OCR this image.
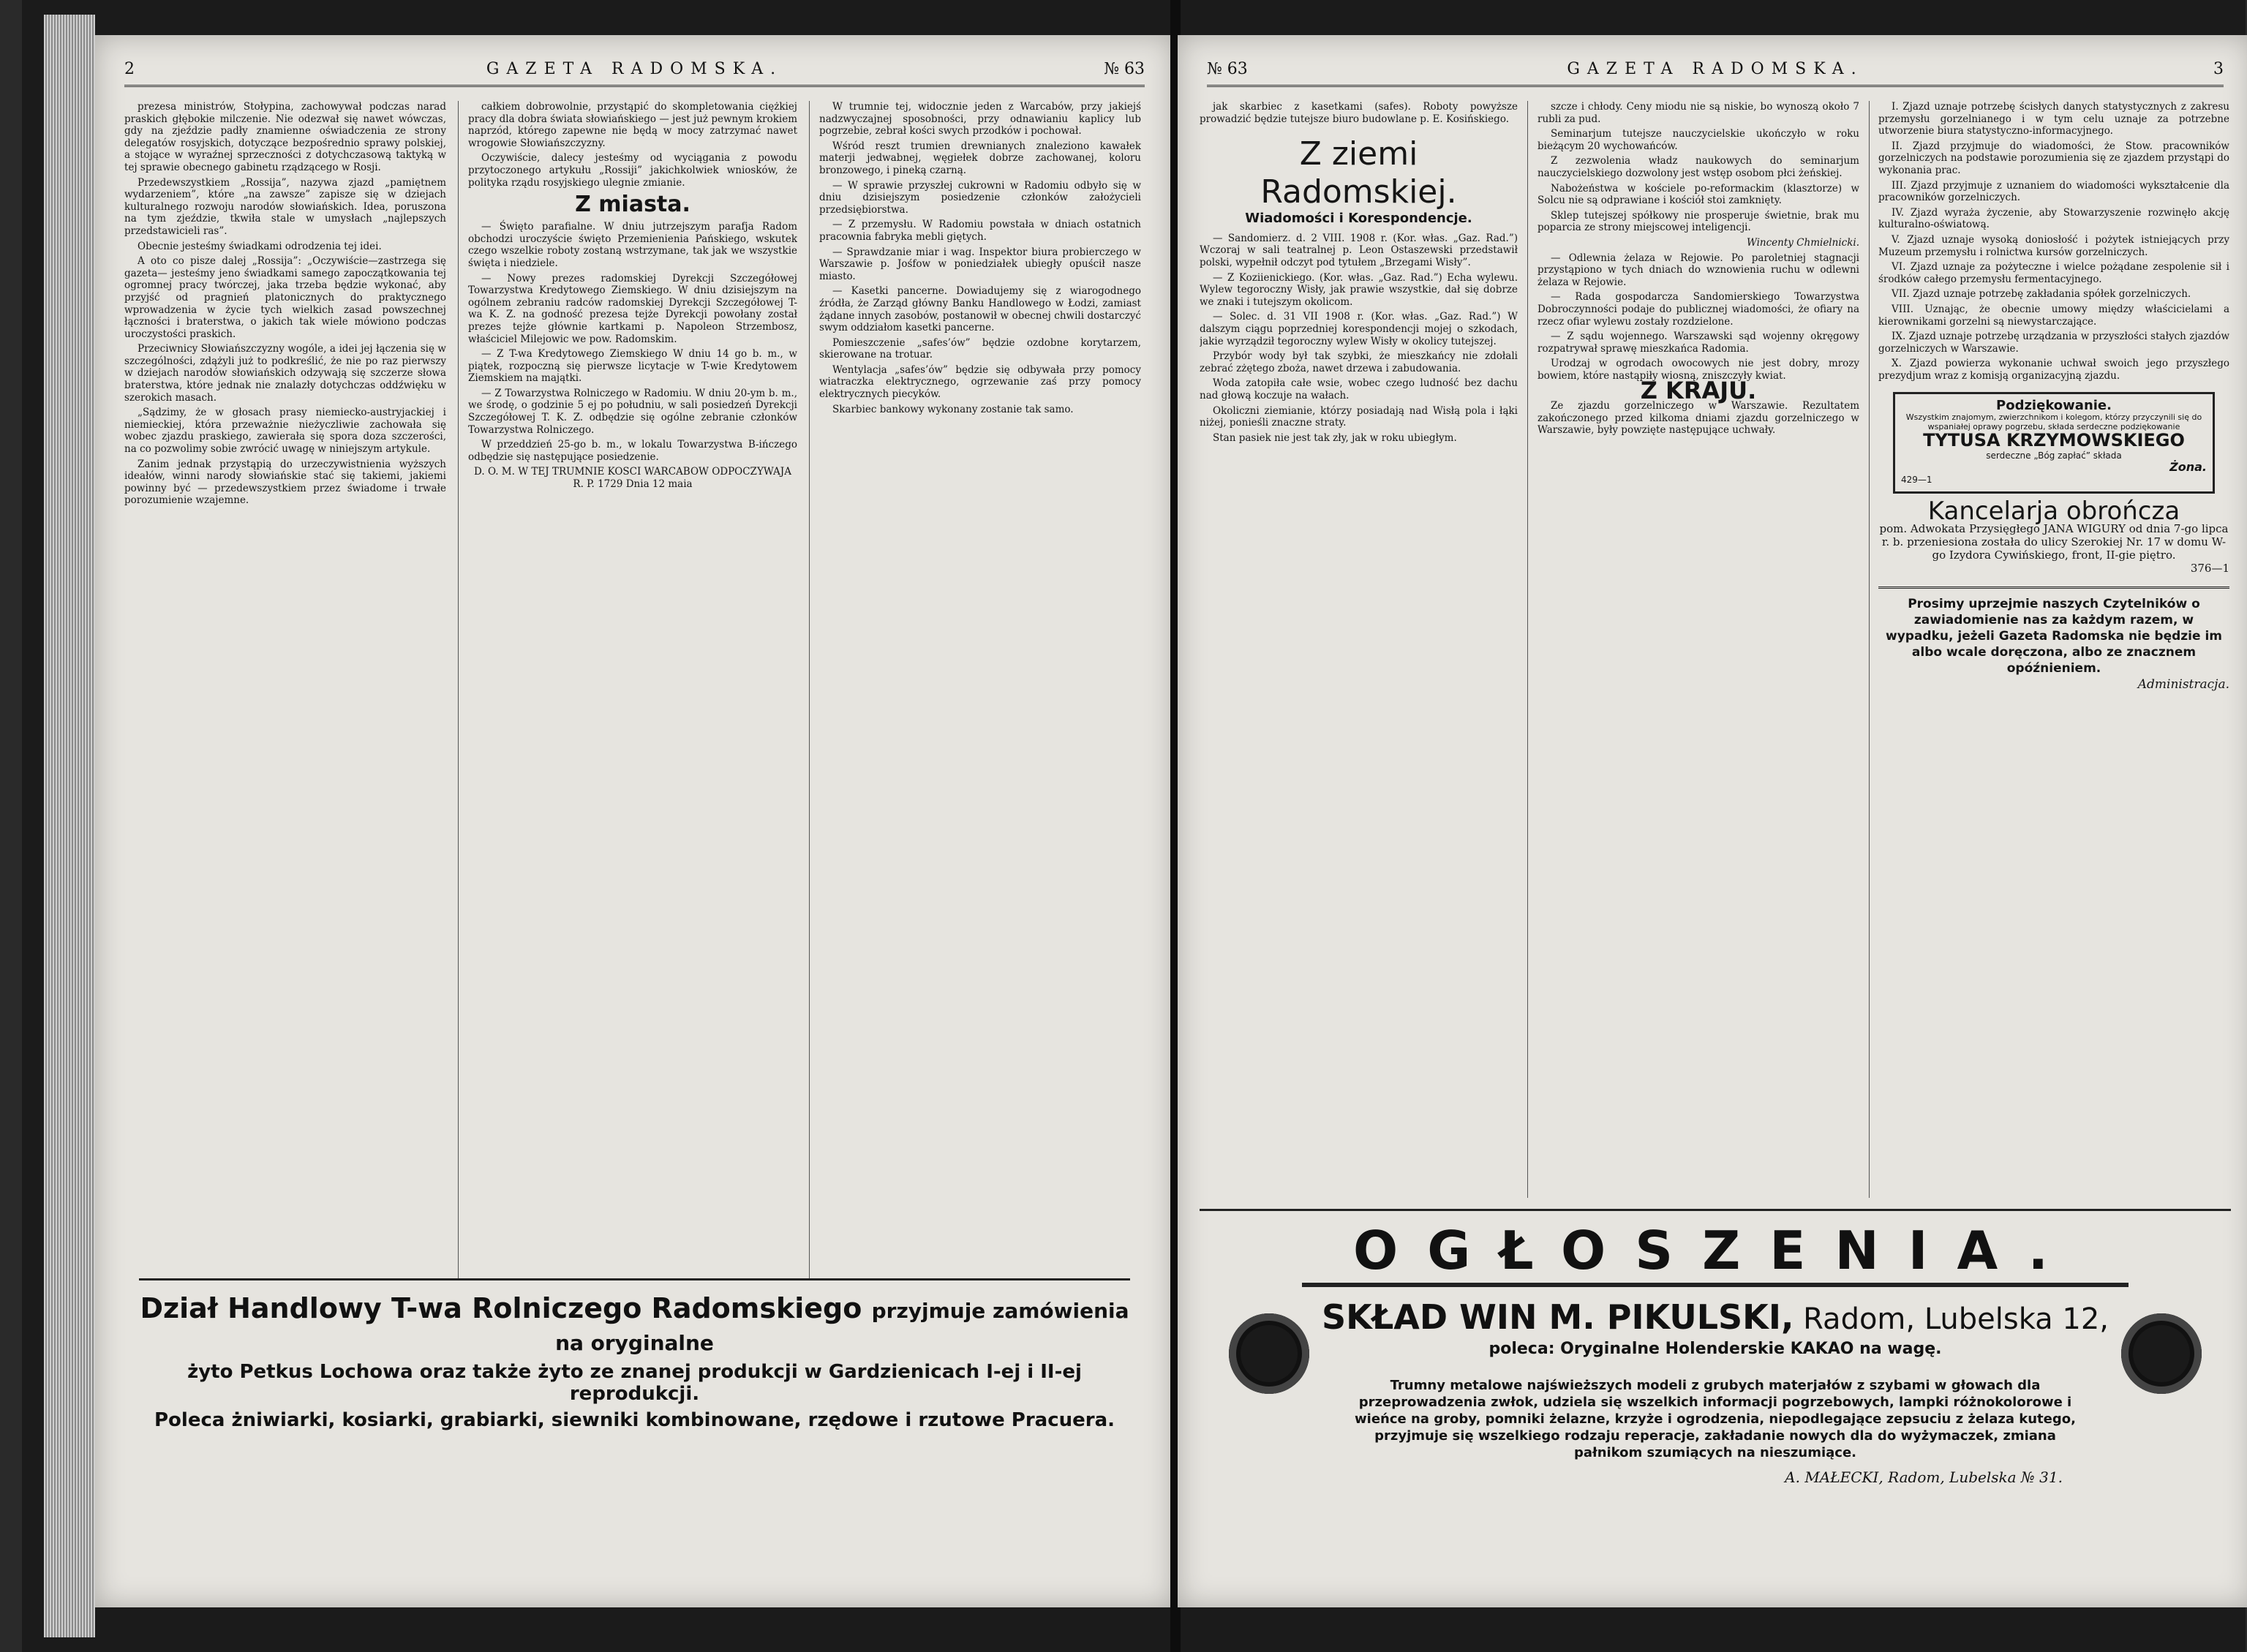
2	GAZETA RADOMSKA.	№ 63

prezesa ministrów, Stołypina, zachowywał podczas narad praskich głębokie milczenie. Nie odezwał się nawet wówczas, gdy na zjeździe padły znamienne oświadczenia ze strony delegatów rosyjskich, dotyczące bezpośrednio sprawy polskiej, a stojące w wyraźnej sprzeczności z dotychczasową taktyką w tej sprawie obecnego gabinetu rządzącego w Rosji.

Przedewszystkiem „Rossija”, nazywa zjazd „pamiętnem wydarzeniem”, które „na zawsze” zapisze się w dziejach kulturalnego rozwoju narodów słowiańskich. Idea, poruszona na tym zjeździe, tkwiła stale w umysłach „najlepszych przedstawicieli ras”.

Obecnie jesteśmy świadkami odrodzenia tej idei.

A oto co pisze dalej „Rossija”: „Oczywiście—zastrzega się gazeta— jesteśmy jeno świadkami samego zapoczątkowania tej ogromnej pracy twórczej, jaka trzeba będzie wykonać, aby przyjść od pragnień platonicznych do praktycznego wprowadzenia w życie tych wielkich zasad powszechnej łączności i braterstwa, o jakich tak wiele mówiono podczas uroczystości praskich.

Przeciwnicy Słowiańszczyzny wogóle, a idei jej łączenia się w szczególności, zdążyli już to podkreślić, że nie po raz pierwszy w dziejach narodów słowiańskich odzywają się szczerze słowa braterstwa, które jednak nie znalazły dotychczas oddźwięku w szerokich masach.

„Sądzimy, że w głosach prasy niemiecko-austryjackiej i niemieckiej, która przeważnie nieżyczliwie zachowała się wobec zjazdu praskiego, zawierała się spora doza szczerości, na co pozwolimy sobie zwrócić uwagę w niniejszym artykule.

Zanim jednak przystąpią do urzeczywistnienia wyższych ideałów, winni narody słowiańskie stać się takiemi, jakiemi powinny być — przedewszystkiem przez świadome i trwałe porozumienie wzajemne.

całkiem dobrowolnie, przystąpić do skompletowania ciężkiej pracy dla dobra świata słowiańskiego — jest już pewnym krokiem naprzód, którego zapewne nie będą w mocy zatrzymać nawet wrogowie Słowiańszczyzny.

Oczywiście, dalecy jesteśmy od wyciągania z powodu przytoczonego artykułu „Rossiji” jakichkolwiek wniosków, że polityka rządu rosyjskiego ulegnie zmianie.

Z miasta.

— Święto parafialne. W dniu jutrzejszym parafja Radom obchodzi uroczyście święto Przemienienia Pańskiego, wskutek czego wszelkie roboty zostaną wstrzymane, tak jak we wszystkie święta i niedziele.

— Nowy prezes radomskiej Dyrekcji Szczegółowej Towarzystwa Kredytowego Ziemskiego. W dniu dzisiejszym na ogólnem zebraniu radców radomskiej Dyrekcji Szczegółowej T-wa K. Z. na godność prezesa tejże Dyrekcji powołany został prezes tejże głównie kartkami p. Napoleon Strzembosz, właściciel Milejowic we pow. Radomskim.

— Z T-wa Kredytowego Ziemskiego W dniu 14 go b. m., w piątek, rozpoczną się pierwsze licytacje w T-wie Kredytowem Ziemskiem na majątki.

— Z Towarzystwa Rolniczego w Radomiu. W dniu 20-ym b. m., we środę, o godzinie 5 ej po południu, w sali posiedzeń Dyrekcji Szczegółowej T. K. Z. odbędzie się ogólne zebranie członków Towarzystwa Rolniczego.

W przeddzień 25-go b. m., w lokalu Towarzystwa B-ińczego odbędzie się następujące posiedzenie.

D. O. M. W TEJ TRUMNIE KOSCI WARCABOW ODPOCZYWAJA R. P. 1729 Dnia 12 maia

W trumnie tej, widocznie jeden z Warcabów, przy jakiejś nadzwyczajnej sposobności, przy odnawianiu kaplicy lub pogrzebie, zebrał kości swych przodków i pochował.

Wśród reszt trumien drewnianych znaleziono kawałek materji jedwabnej, węgiełek dobrze zachowanej, koloru bronzowego, i pineką czarną.

— W sprawie przyszłej cukrowni w Radomiu odbyło się w dniu dzisiejszym posiedzenie członków założycieli przedsiębiorstwa.

— Z przemysłu. W Radomiu powstała w dniach ostatnich pracownia fabryka mebli giętych.

— Sprawdzanie miar i wag. Inspektor biura probierczego w Warszawie p. Jośfow w poniedziałek ubiegły opuścił nasze miasto.

— Kasetki pancerne. Dowiadujemy się z wiarogodnego źródła, że Zarząd główny Banku Handlowego w Łodzi, zamiast żądane innych zasobów, postanowił w obecnej chwili dostarczyć swym oddziałom kasetki pancerne.

Pomieszczenie „safes’ów” będzie ozdobne korytarzem, skierowane na trotuar.

Wentylacja „safes’ów” będzie się odbywała przy pomocy wiatraczka elektrycznego, ogrzewanie zaś przy pomocy elektrycznych piecyków.

Skarbiec bankowy wykonany zostanie tak samo.

Dział Handlowy T-wa Rolniczego Radomskiego przyjmuje zamówienia na oryginalne
żyto Petkus Lochowa oraz także żyto ze znanej produkcji w Gardzienicach I-ej i II-ej reprodukcji.
Poleca żniwiarki, kosiarki, grabiarki, siewniki kombinowane, rzędowe i rzutowe Pracuera.
№ 63	GAZETA RADOMSKA.	3

jak skarbiec z kasetkami (safes). Roboty powyższe prowadzić będzie tutejsze biuro budowlane p. E. Kosińskiego.

Z ziemi Radomskiej.
Wiadomości i Korespondencje.

— Sandomierz. d. 2 VIII. 1908 r. (Kor. włas. „Gaz. Rad.”) Wczoraj w sali teatralnej p. Leon Ostaszewski przedstawił polski, wypełnił odczyt pod tytułem „Brzegami Wisły”.

— Z Koziienickiego. (Kor. włas. „Gaz. Rad.”) Echa wylewu. Wylew tegoroczny Wisły, jak prawie wszystkie, dał się dobrze we znaki i tutejszym okolicom.

— Solec. d. 31 VII 1908 r. (Kor. włas. „Gaz. Rad.”) W dalszym ciągu poprzedniej korespondencji mojej o szkodach, jakie wyrządził tegoroczny wylew Wisły w okolicy tutejszej.

Przybór wody był tak szybki, że mieszkańcy nie zdołali zebrać zżętego zboża, nawet drzewa i zabudowania.

Woda zatopiła całe wsie, wobec czego ludność bez dachu nad głową koczuje na wałach.

Okoliczni ziemianie, którzy posiadają nad Wisłą pola i łąki niżej, ponieśli znaczne straty.

Stan pasiek nie jest tak zły, jak w roku ubiegłym.

szcze i chłody. Ceny miodu nie są niskie, bo wynoszą około 7 rubli za pud.

Seminarjum tutejsze nauczycielskie ukończyło w roku bieżącym 20 wychowańców.

Z zezwolenia władz naukowych do seminarjum nauczycielskiego dozwolony jest wstęp osobom płci żeńskiej.

Nabożeństwa w kościele po-reformackim (klasztorze) w Solcu nie są odprawiane i kościół stoi zamknięty.

Sklep tutejszej spółkowy nie prosperuje świetnie, brak mu poparcia ze strony miejscowej inteligencji.

Wincenty Chmielnicki.

— Odlewnia żelaza w Rejowie. Po paroletniej stagnacji przystąpiono w tych dniach do wznowienia ruchu w odlewni żelaza w Rejowie.

— Rada gospodarcza Sandomierskiego Towarzystwa Dobroczynności podaje do publicznej wiadomości, że ofiary na rzecz ofiar wylewu zostały rozdzielone.

— Z sądu wojennego. Warszawski sąd wojenny okręgowy rozpatrywał sprawę mieszkańca Radomia.

Urodzaj w ogrodach owocowych nie jest dobry, mrozy bowiem, które nastąpiły wiosną, zniszczyły kwiat.

Z KRAJU.

Ze zjazdu gorzelniczego w Warszawie. Rezultatem zakończonego przed kilkoma dniami zjazdu gorzelniczego w Warszawie, były powzięte następujące uchwały.

I. Zjazd uznaje potrzebę ścisłych danych statystycznych z zakresu przemysłu gorzelnianego i w tym celu uznaje za potrzebne utworzenie biura statystyczno-informacyjnego.

II. Zjazd przyjmuje do wiadomości, że Stow. pracowników gorzelniczych na podstawie porozumienia się ze zjazdem przystąpi do wykonania prac.

III. Zjazd przyjmuje z uznaniem do wiadomości wykształcenie dla pracowników gorzelniczych.

IV. Zjazd wyraża życzenie, aby Stowarzyszenie rozwinęło akcję kulturalno-oświatową.

V. Zjazd uznaje wysoką doniosłość i pożytek istniejących przy Muzeum przemysłu i rolnictwa kursów gorzelniczych.

VI. Zjazd uznaje za pożyteczne i wielce pożądane zespolenie sił i środków całego przemysłu fermentacyjnego.

VII. Zjazd uznaje potrzebę zakładania spółek gorzelniczych.

VIII. Uznając, że obecnie umowy między właścicielami a kierownikami gorzelni są niewystarczające.

IX. Zjazd uznaje potrzebę urządzania w przyszłości stałych zjazdów gorzelniczych w Warszawie.

X. Zjazd powierza wykonanie uchwał swoich jego przyszłego prezydjum wraz z komisją organizacyjną zjazdu.

Podziękowanie.
Wszystkim znajomym, zwierzchnikom i kolegom, którzy przyczynili się do wspaniałej oprawy pogrzebu, składa serdeczne podziękowanie
TYTUSA KRZYMOWSKIEGO
serdeczne „Bóg zapłać” składa
Żona.
429—1
Kancelarja obrończa
pom. Adwokata Przysięgłego JANA WIGURY od dnia 7-go lipca r. b. przeniesiona została do ulicy Szerokiej Nr. 17 w domu W-go Izydora Cywińskiego, front, II-gie piętro.
376—1
Prosimy uprzejmie naszych Czytelników o zawiadomienie nas za każdym razem, w wypadku, jeżeli Gazeta Radomska nie będzie im albo wcale doręczona, albo ze znacznem opóźnieniem.
Administracja.
OGŁOSZENIA.
SKŁAD WIN M. PIKULSKI, Radom, Lubelska 12,
poleca: Oryginalne Holenderskie KAKAO na wagę.
Trumny metalowe najświeższych modeli z grubych materjałów z szybami w głowach dla przeprowadzenia zwłok, udziela się wszelkich informacji pogrzebowych, lampki różnokolorowe i wieńce na groby, pomniki żelazne, krzyże i ogrodzenia, niepodlegające zepsuciu z żelaza kutego, przyjmuje się wszelkiego rodzaju reperacje, zakładanie nowych dla do wyżymaczek, zmiana pałnikom szumiących na nieszumiące.
A. MAŁECKI, Radom, Lubelska № 31.
